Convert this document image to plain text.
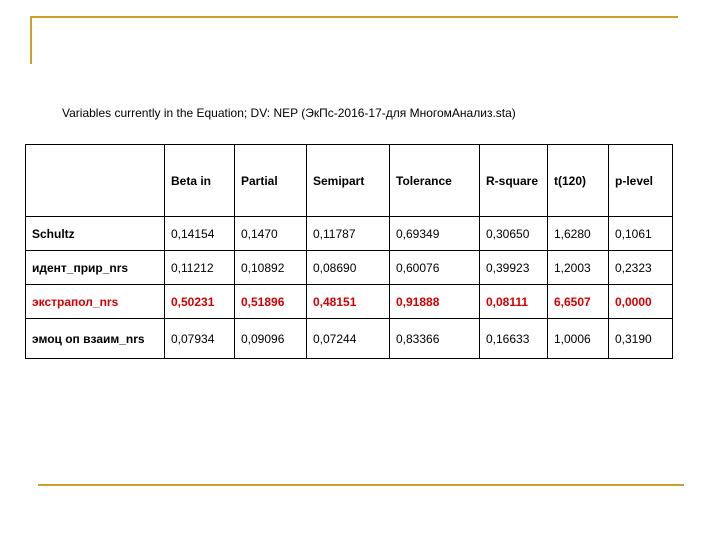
Variables currently in the Equation; DV: NEP (ЭкПс-2016-17-для МногомАнализ.sta)
	Beta in	Partial	Semipart	Tolerance	R-square	t(120)	p-level
Schultz	0,14154	0,1470	0,11787	0,69349	0,30650	1,6280	0,1061
идент_прир_nrs	0,11212	0,10892	0,08690	0,60076	0,39923	1,2003	0,2323
экстрапол_nrs	0,50231	0,51896	0,48151	0,91888	0,08111	6,6507	0,0000
эмоц оп взаим_nrs	0,07934	0,09096	0,07244	0,83366	0,16633	1,0006	0,3190
